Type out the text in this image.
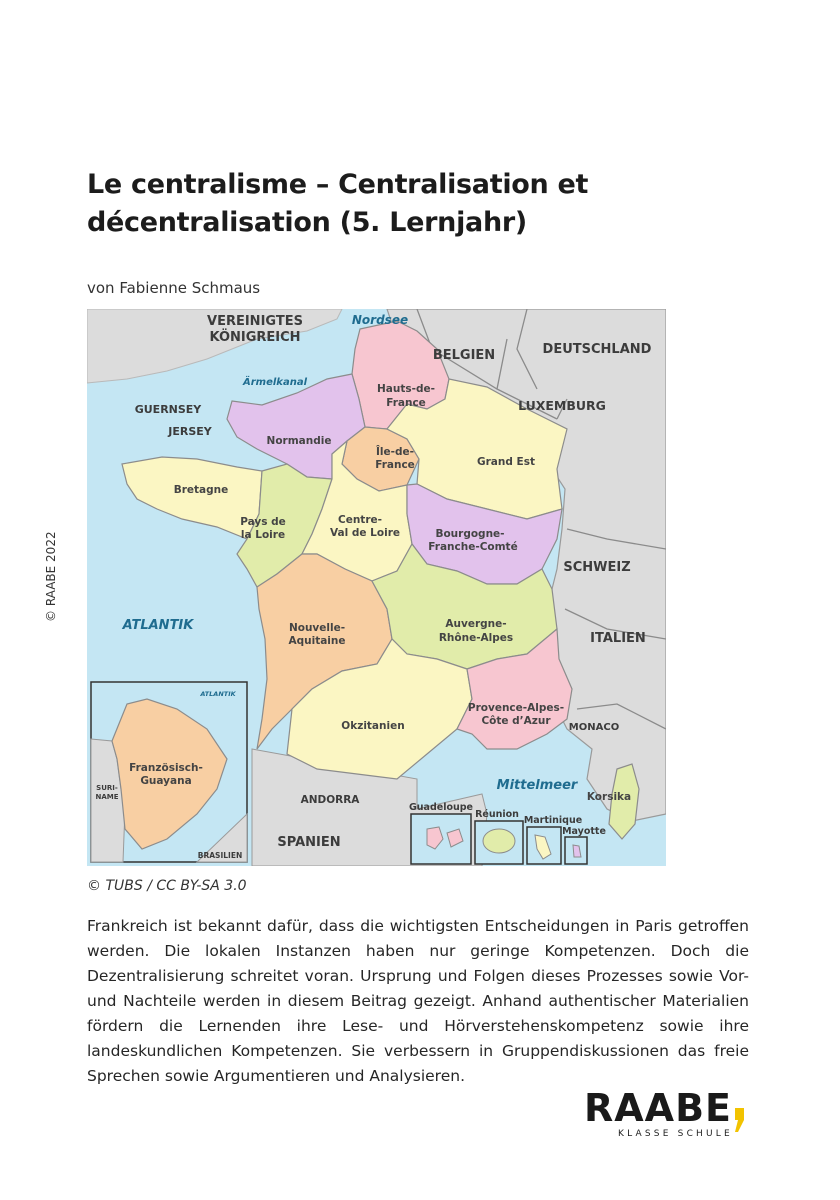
Le centralisme – Centralisation et décentralisation (5. Lernjahr)
von Fabienne Schmaus
© RAABE 2022
VEREINIGTES
KÖNIGREICH
BELGIEN	DEUTSCHLAND
LUXEMBURG
SCHWEIZ
ITALIEN
MONACO
ANDORRA
SPANIEN
GUERNSEY
JERSEY
SURI-
NAME
BRASILIEN
Nordsee
Ärmelkanal
ATLANTIK
Mittelmeer
ATLANTIK
Hauts-de-
France
Normandie
Île-de-
France	Grand Est
Bretagne
Pays de
la Loire
Centre-
Val de Loire	Bourgogne-
Franche-Comté
Nouvelle-
Aquitaine
Auvergne-
Rhône-Alpes
Okzitanien
Provence-Alpes-
Côte d’Azur
Korsika
Französisch-
Guayana
Guadeloupe
Réunion
Martinique
Mayotte
© TUBS / CC BY-SA 3.0
Frankreich ist bekannt dafür, dass die wichtigsten Entscheidungen in Paris getroffen werden. Die lokalen Instanzen haben nur geringe Kompetenzen. Doch die Dezentralisierung schreitet voran. Ursprung und Folgen dieses Prozesses sowie Vor- und Nachteile werden in diesem Beitrag gezeigt. Anhand authentischer Materialien fördern die Lernenden ihre Lese- und Hörverstehenskompetenz sowie ihre landeskundlichen Kompetenzen. Sie verbessern in Gruppendiskussionen das freie Sprechen sowie Argumentieren und Analysieren.
RAABE
KLASSE SCHULE
